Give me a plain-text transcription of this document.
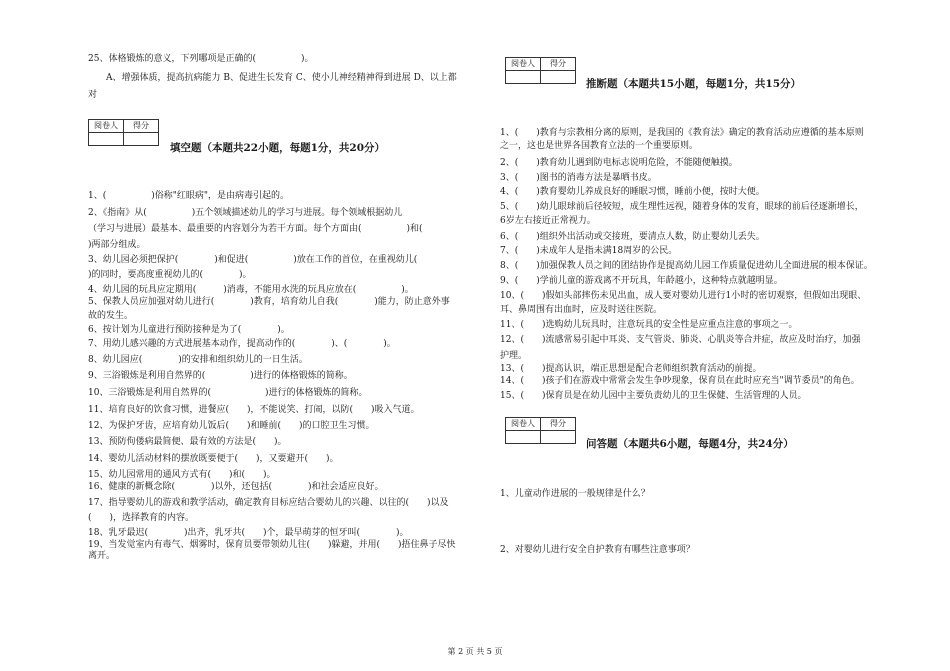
25、体格锻炼的意义，下列哪项是正确的(　　　　　)。
　　A、增强体质，提高抗病能力 B、促进生长发育 C、使小儿神经精神得到进展 D、以上都
对
阅卷人	得分
填空题（本题共22小题，每题1分，共20分）
1、(　　　　　)俗称"红眼病"，是由病毒引起的。
2、《指南》从(　　　　　)五个领域描述幼儿的学习与进展。每个领域根据幼儿
（学习与进展）最基本、最重要的内容划分为若干方面。每个方面由(　　　　　)和(
)两部分组成。
3、幼儿园必须把保护(　　　　)和促进(　　　　　)放在工作的首位，在重视幼儿(
)的同时，要高度重视幼儿的(　　　　)。
4、幼儿园的玩具应定期用(　　　)消毒，不能用水洗的玩具应放在(　　　　　)。
5、保教人员应加强对幼儿进行(　　　　)教育，培育幼儿自我(　　　　)能力，防止意外事
故的发生。
6、按计划为儿童进行预防接种是为了(　　　　)。
7、用幼儿感兴趣的方式进展基本动作，提高动作的(　　　　)、(　　　　)。
8、幼儿园应(　　　　)的安排和组织幼儿的一日生活。
9、三浴锻炼是利用自然界的(　　　　　)进行的体格锻炼的简称。
10、三浴锻炼是利用自然界的(　　　　　　)进行的体格锻炼的简称。
11、培育良好的饮食习惯，进餐应(　　)，不能说笑、打闹，以防(　　)吸入气道。
12、为保护牙齿，应培育幼儿饭后(　　)和睡前(　　)的口腔卫生习惯。
13、预防佝偻病最简便、最有效的方法是(　　)。
14、婴幼儿活动材料的摆放既要便于(　　)，又要避开(　　)。
15、幼儿园常用的通风方式有(　　)和(　　)。
16、健康的新概念除(　　　　)以外，还包括(　　　　)和社会适应良好。
17、指导婴幼儿的游戏和教学活动，确定教育目标应结合婴幼儿的兴趣、以往的(　　)以及
(　　)，选择教育的内容。
18、乳牙最迟(　　　　)出齐，乳牙共(　　)个，最早萌芽的恒牙叫(　　　　)。
19、当发觉室内有毒气、烟雾时，保育员要带领幼儿往(　　)躲避，并用(　　)捂住鼻子尽快
离开。
阅卷人	得分
推断题（本题共15小题，每题1分，共15分）
1、(　　)教育与宗教相分离的原则，是我国的《教育法》确定的教育活动应遵循的基本原则
之一，这也是世界各国教育立法的一个重要原则。
2、(　　)教育幼儿遇到防电标志说明危险，不能随便触摸。
3、(　　)图书的消毒方法是暴晒书皮。
4、(　　)教育婴幼儿养成良好的睡眠习惯，睡前小便，按时大便。
5、(　　)幼儿眼球前后径较短，成生理性远视，随着身体的发育，眼球的前后径逐渐增长，
6岁左右接近正常视力。
6、(　　)组织外出活动或交接班，要清点人数，防止婴幼儿丢失。
7、(　　)未成年人是指未满18周岁的公民。
8、(　　)加强保教人员之间的团结协作是提高幼儿园工作质量促进幼儿全面进展的根本保证。
9、(　　)学前儿童的游戏离不开玩具，年龄越小，这种特点就越明显。
10、(　　)假如头部摔伤未见出血，成人要对婴幼儿进行1小时的密切观察，但假如出现眼、
耳、鼻周围有出血时，应及时送往医院。
11、(　　)选购幼儿玩具时，注意玩具的安全性是应重点注意的事项之一。
12、(　　)流感常易引起中耳炎、支气管炎、肺炎、心肌炎等合并症，故应及时治疗，加强
护理。
13、(　　)提高认识，端正思想是配合老师组织教育活动的前提。
14、(　　)孩子们在游戏中常常会发生争吵现象，保育员在此时应充当"调节委员"的角色。
15、(　　)保育员是在幼儿园中主要负责幼儿的卫生保健、生活管理的人员。
阅卷人	得分
问答题（本题共6小题，每题4分，共24分）
1、儿童动作进展的一般规律是什么？
2、对婴幼儿进行安全自护教育有哪些注意事项？
第 2 页 共 5 页
